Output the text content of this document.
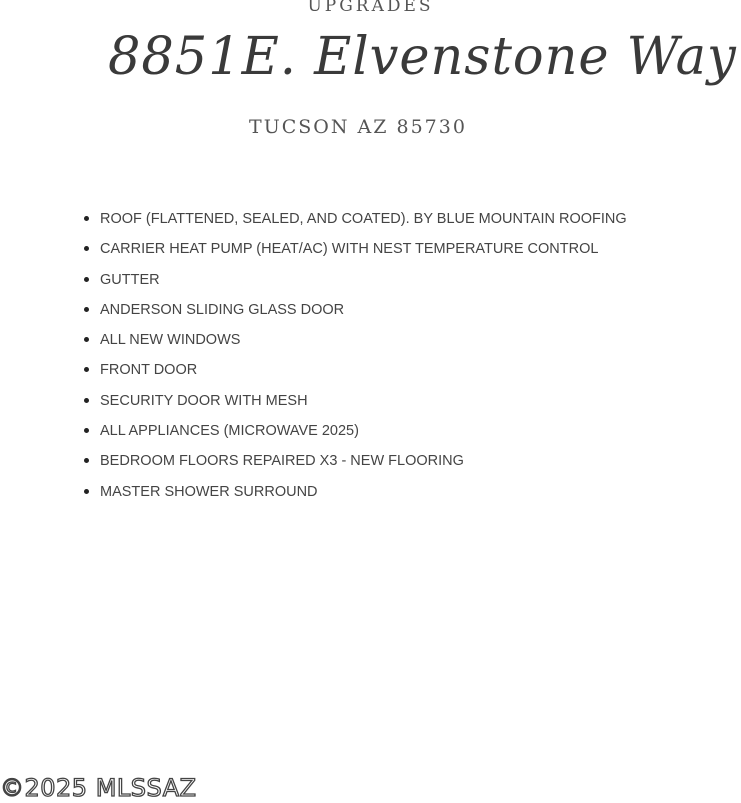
UPGRADES
8851E. Elvenstone Way
TUCSON AZ 85730
ROOF (FLATTENED, SEALED, AND COATED). BY BLUE MOUNTAIN ROOFING
CARRIER HEAT PUMP (HEAT/AC) WITH NEST TEMPERATURE CONTROL
GUTTER
ANDERSON SLIDING GLASS DOOR
ALL NEW WINDOWS
FRONT DOOR
SECURITY DOOR WITH MESH
ALL APPLIANCES (MICROWAVE 2025)
BEDROOM FLOORS REPAIRED X3 - NEW FLOORING
MASTER SHOWER SURROUND
©2025 MLSSAZ
